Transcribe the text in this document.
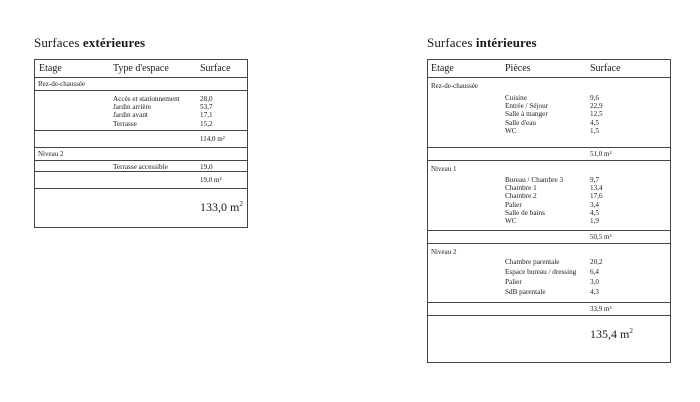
Surfaces extérieures
Etage	Type d'espace	Surface
Rez-de-chaussée
Accès et stationnement	28,0
Jardin arrière	53,7
Jardin avant	17,1
Terrasse	15,2
114,0 m²
Niveau 2
Terrasse accessible	19,0
19,0 m²
133,0 $m^2$
Surfaces intérieures
Etage	Pièces	Surface
Rez-de-chaussée
Cuisine	9,6
Entrée / Séjour	22,9
Salle à manger	12,5
Salle d'eau	4,5
WC	1,5
51,0 m²
Niveau 1
Bureau / Chambre 3	9,7
Chambre 1	13,4
Chambre 2	17,6
Palier	3,4
Salle de bains	4,5
WC	1,9
50,5 m²
Niveau 2
Chambre parentale	20,2
Espace bureau / dressing 6,4
Palier	3,0
SdB parentale	4,3
33,9 m²
135,4 $m^2$
